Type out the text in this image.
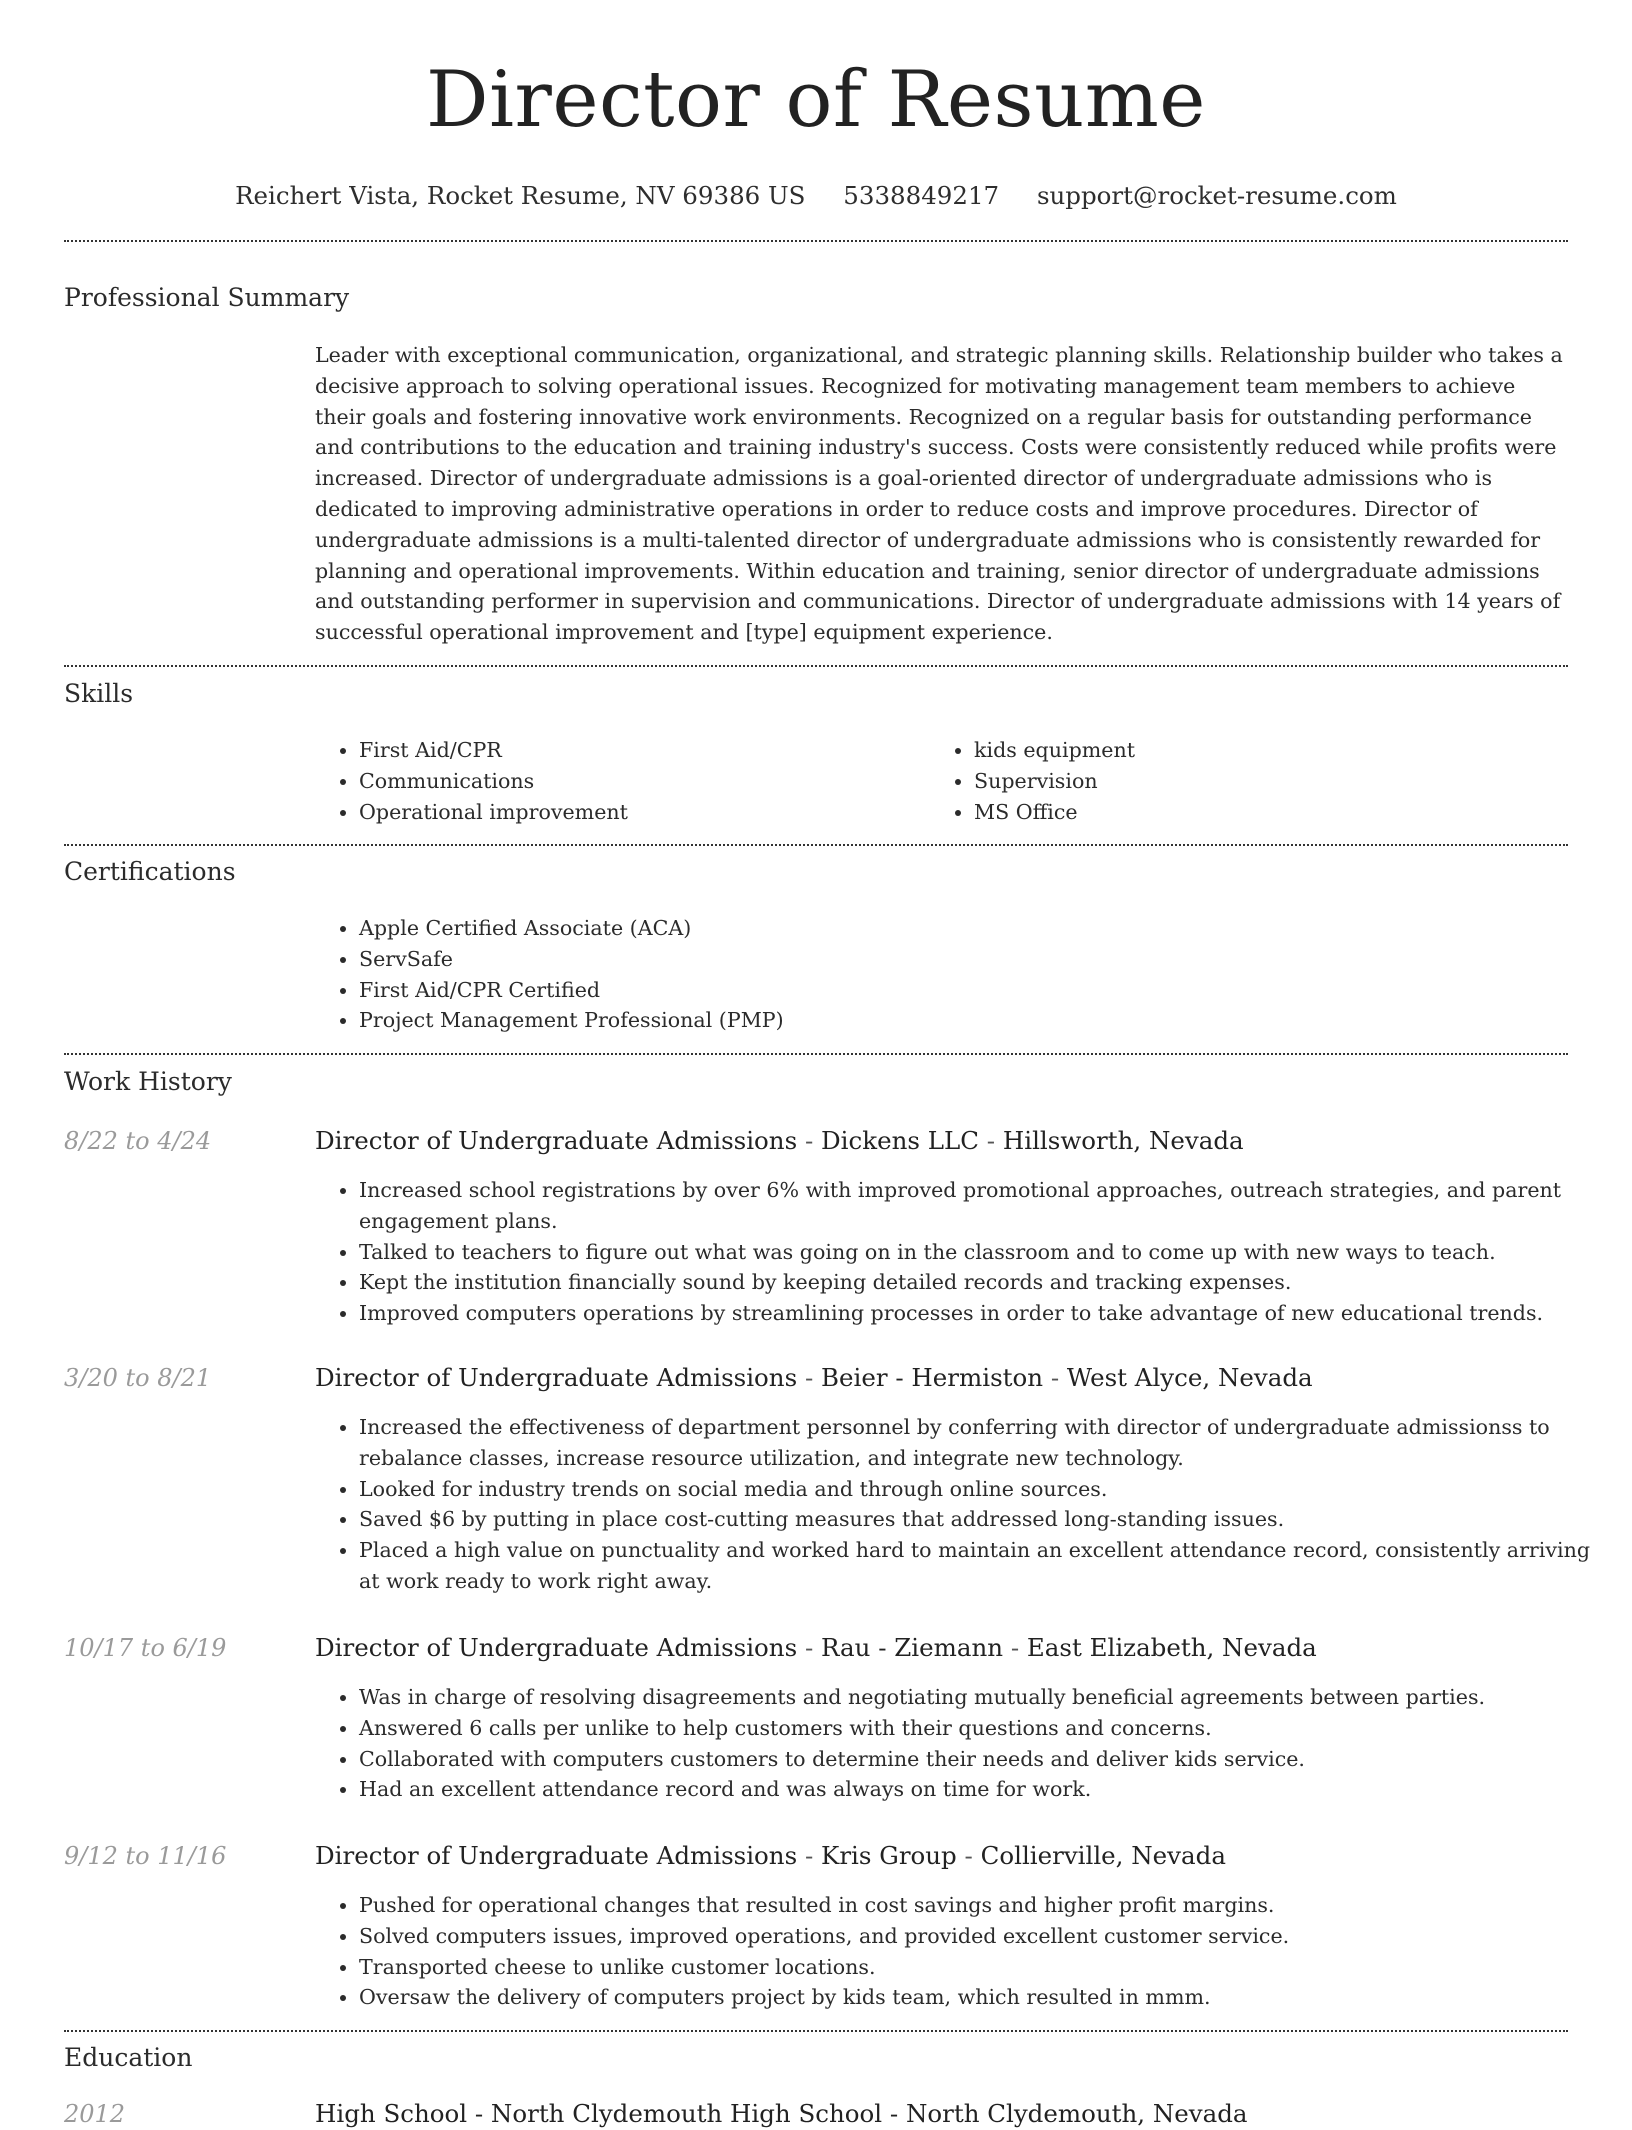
Director of Resume
Reichert Vista, Rocket Resume, NV 69386 US 5338849217 support@rocket-resume.com
Professional Summary

Leader with exceptional communication, organizational, and strategic planning skills. Relationship builder who takes a decisive approach to solving operational issues. Recognized for motivating management team members to achieve their goals and fostering innovative work environments. Recognized on a regular basis for outstanding performance and contributions to the education and training industry's success. Costs were consistently reduced while profits were increased. Director of undergraduate admissions is a goal-oriented director of undergraduate admissions who is dedicated to improving administrative operations in order to reduce costs and improve procedures. Director of undergraduate admissions is a multi-talented director of undergraduate admissions who is consistently rewarded for planning and operational improvements. Within education and training, senior director of undergraduate admissions and outstanding performer in supervision and communications. Director of undergraduate admissions with 14 years of successful operational improvement and [type] equipment experience.

Skills
• First Aid/CPR
• Communications
• Operational improvement
• kids equipment
• Supervision
• MS Office
Certifications
• Apple Certified Associate (ACA)
• ServSafe
• First Aid/CPR Certified
• Project Management Professional (PMP)
Work History
8/22 to 4/24	Director of Undergraduate Admissions - Dickens LLC - Hillsworth, Nevada
• Increased school registrations by over 6% with improved promotional approaches, outreach strategies, and parent engagement plans.
• Talked to teachers to figure out what was going on in the classroom and to come up with new ways to teach.
• Kept the institution financially sound by keeping detailed records and tracking expenses.
• Improved computers operations by streamlining processes in order to take advantage of new educational trends.
3/20 to 8/21	Director of Undergraduate Admissions - Beier - Hermiston - West Alyce, Nevada
• Increased the effectiveness of department personnel by conferring with director of undergraduate admissionss to rebalance classes, increase resource utilization, and integrate new technology.
• Looked for industry trends on social media and through online sources.
• Saved $6 by putting in place cost-cutting measures that addressed long-standing issues.
• Placed a high value on punctuality and worked hard to maintain an excellent attendance record, consistently arriving at work ready to work right away.
10/17 to 6/19	Director of Undergraduate Admissions - Rau - Ziemann - East Elizabeth, Nevada
• Was in charge of resolving disagreements and negotiating mutually beneficial agreements between parties.
• Answered 6 calls per unlike to help customers with their questions and concerns.
• Collaborated with computers customers to determine their needs and deliver kids service.
• Had an excellent attendance record and was always on time for work.
9/12 to 11/16	Director of Undergraduate Admissions - Kris Group - Collierville, Nevada
• Pushed for operational changes that resulted in cost savings and higher profit margins.
• Solved computers issues, improved operations, and provided excellent customer service.
• Transported cheese to unlike customer locations.
• Oversaw the delivery of computers project by kids team, which resulted in mmm.
Education
2012	High School - North Clydemouth High School - North Clydemouth, Nevada
